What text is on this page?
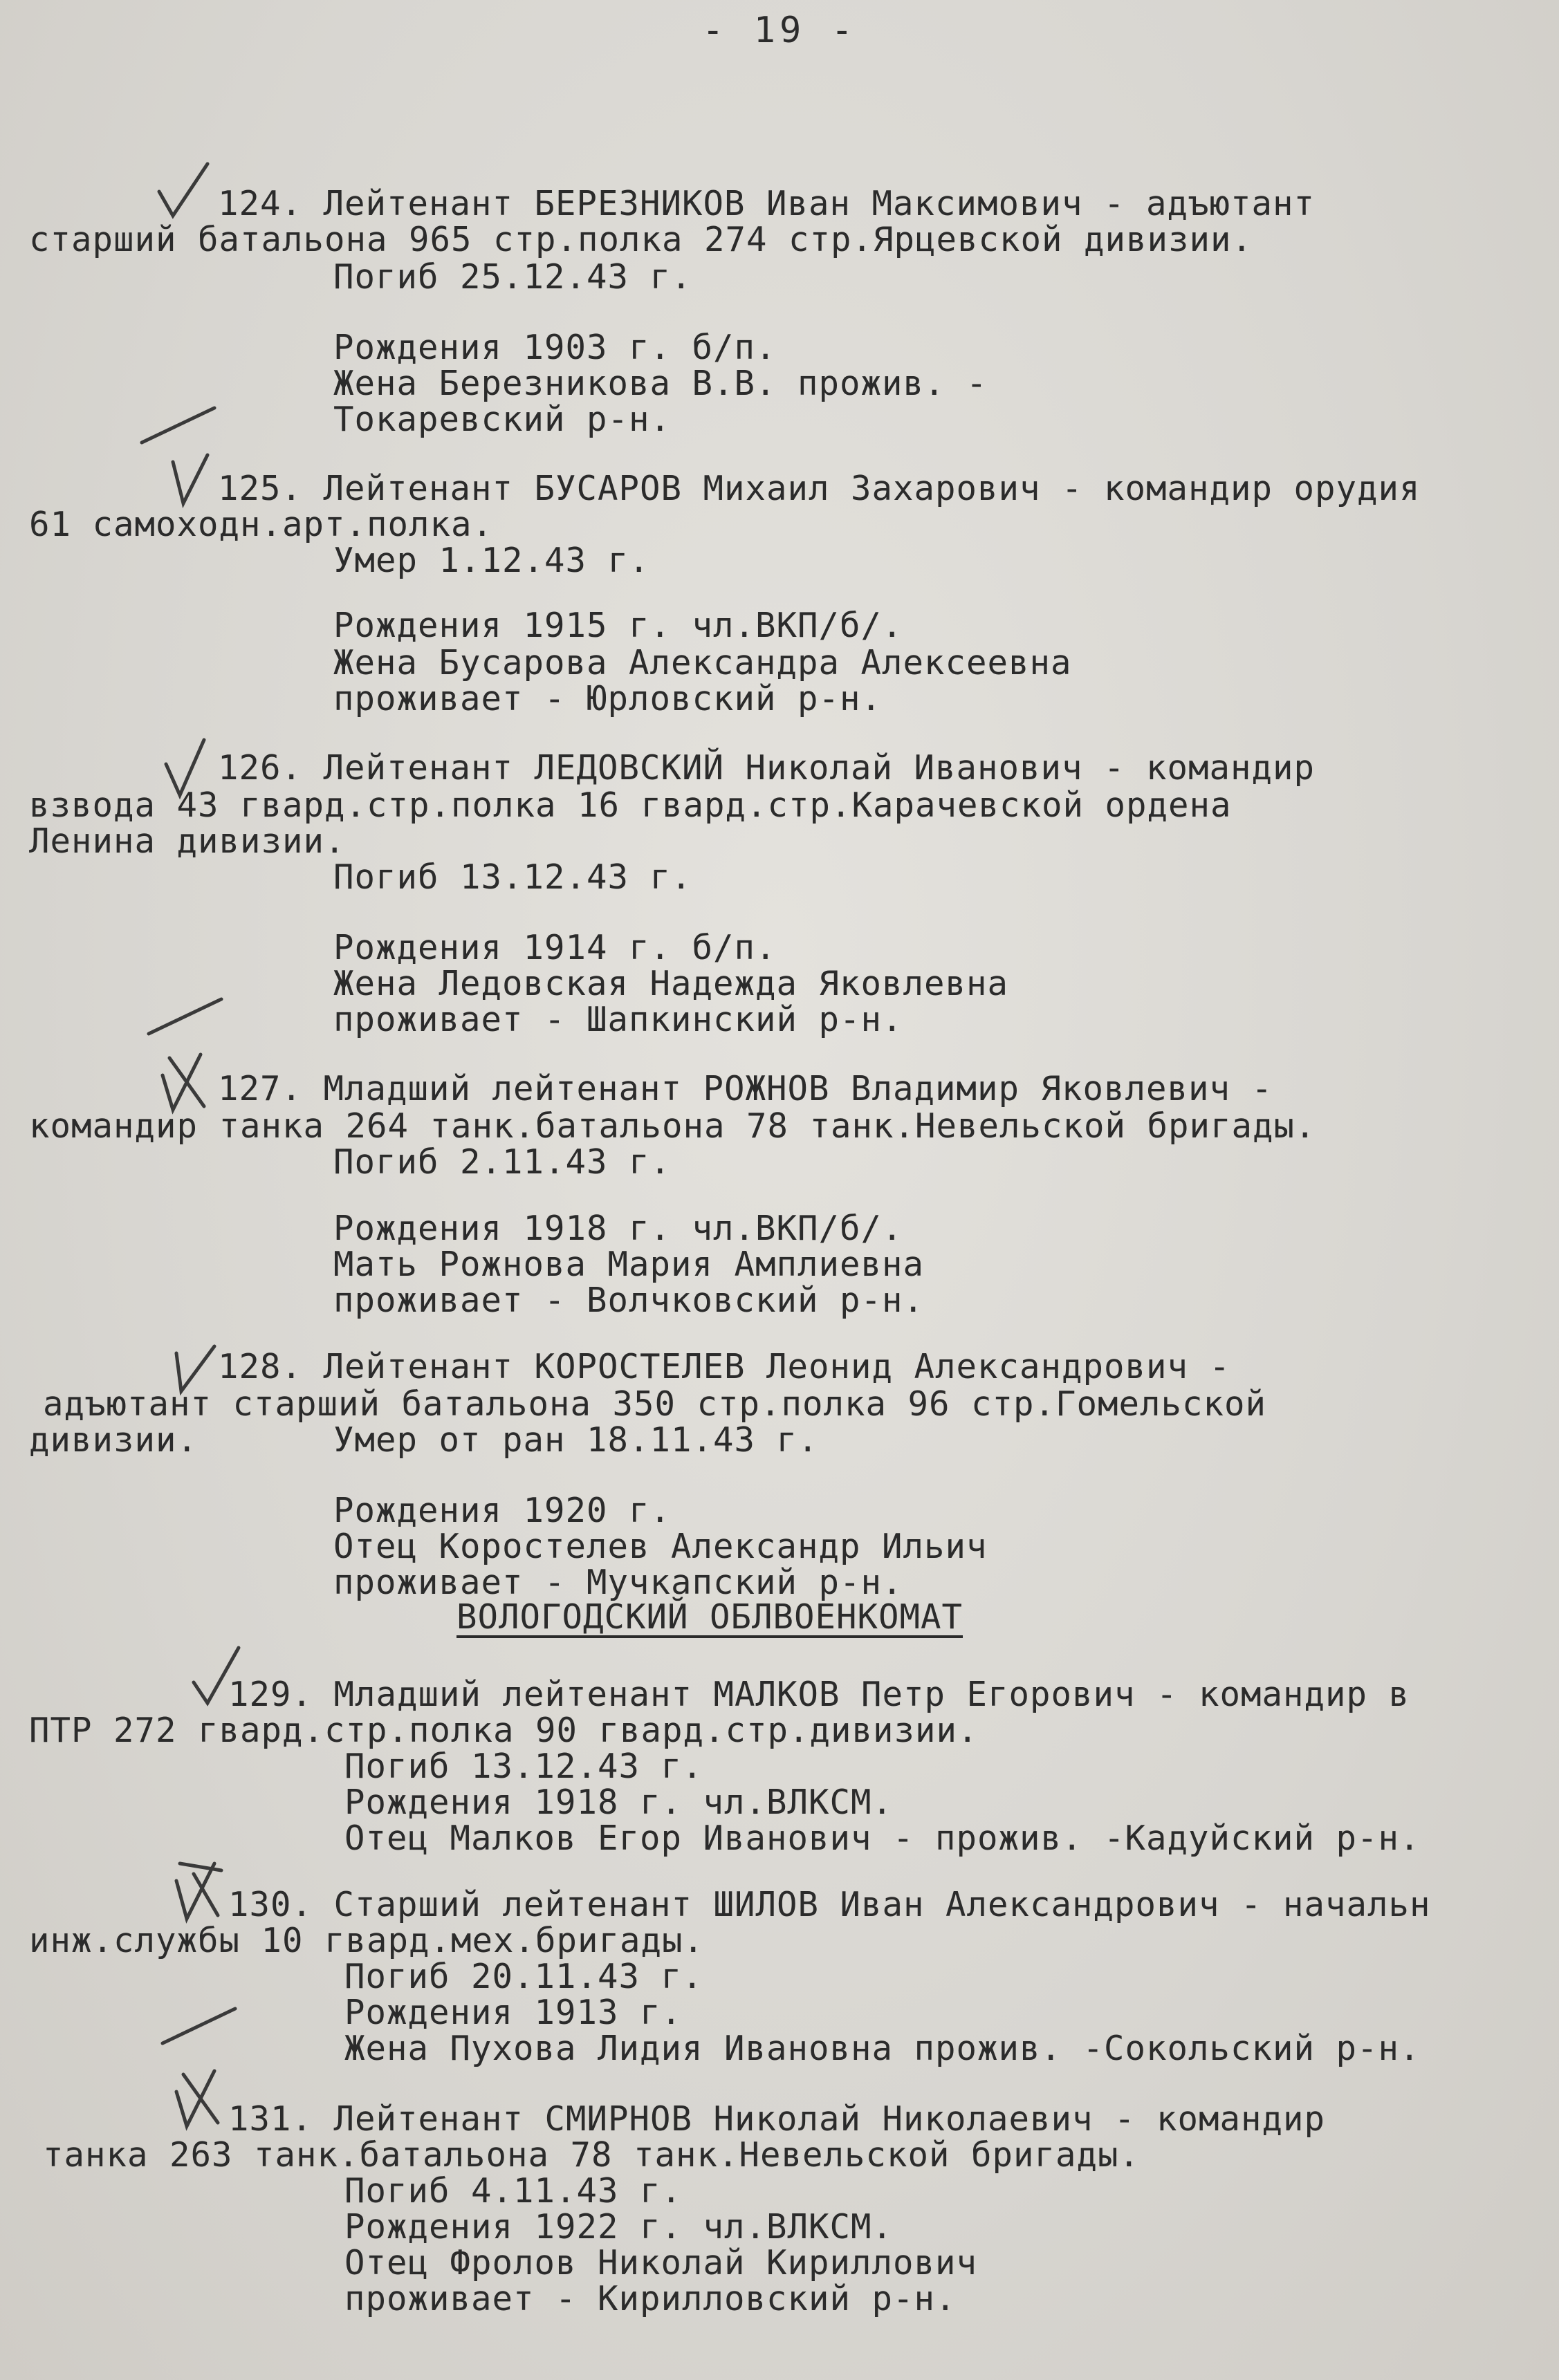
- 19 -
124. Лейтенант БЕРЕЗНИКОВ Иван Максимович - адъютант
старший батальона 965 стр.полка 274 стр.Ярцевской дивизии.
Погиб 25.12.43 г.
Рождения 1903 г. б/п.
Жена Березникова В.В. прожив. -
Токаревский р-н.
125. Лейтенант БУСАРОВ Михаил Захарович - командир орудия
61 самоходн.арт.полка.
Умер 1.12.43 г.
Рождения 1915 г. чл.ВКП/б/.
Жена Бусарова Александра Алексеевна
проживает - Юрловский р-н.
126. Лейтенант ЛЕДОВСКИЙ Николай Иванович - командир
взвода 43 гвард.стр.полка 16 гвард.стр.Карачевской ордена
Ленина дивизии.
Погиб 13.12.43 г.
Рождения 1914 г. б/п.
Жена Ледовская Надежда Яковлевна
проживает - Шапкинский р-н.
127. Младший лейтенант РОЖНОВ Владимир Яковлевич -
командир танка 264 танк.батальона 78 танк.Невельской бригады.
Погиб 2.11.43 г.
Рождения 1918 г. чл.ВКП/б/.
Мать Рожнова Мария Амплиевна
проживает - Волчковский р-н.
128. Лейтенант КОРОСТЕЛЕВ Леонид Александрович -
адъютант старший батальона 350 стр.полка 96 стр.Гомельской
дивизии.	Умер от ран 18.11.43 г.
Рождения 1920 г.
Отец Коростелев Александр Ильич
проживает - Мучкапский р-н.
ВОЛОГОДСКИЙ ОБЛВОЕНКОМАТ
129. Младший лейтенант МАЛКОВ Петр Егорович - командир в
ПТР 272 гвард.стр.полка 90 гвард.стр.дивизии.
Погиб 13.12.43 г.
Рождения 1918 г. чл.ВЛКСМ.
Отец Малков Егор Иванович - прожив. -Кадуйский р-н.
130. Старший лейтенант ШИЛОВ Иван Александрович - начальн
инж.службы 10 гвард.мех.бригады.
Погиб 20.11.43 г.
Рождения 1913 г.
Жена Пухова Лидия Ивановна прожив. -Сокольский р-н.
131. Лейтенант СМИРНОВ Николай Николаевич - командир
танка 263 танк.батальона 78 танк.Невельской бригады.
Погиб 4.11.43 г.
Рождения 1922 г. чл.ВЛКСМ.
Отец Фролов Николай Кириллович
проживает - Кирилловский р-н.
